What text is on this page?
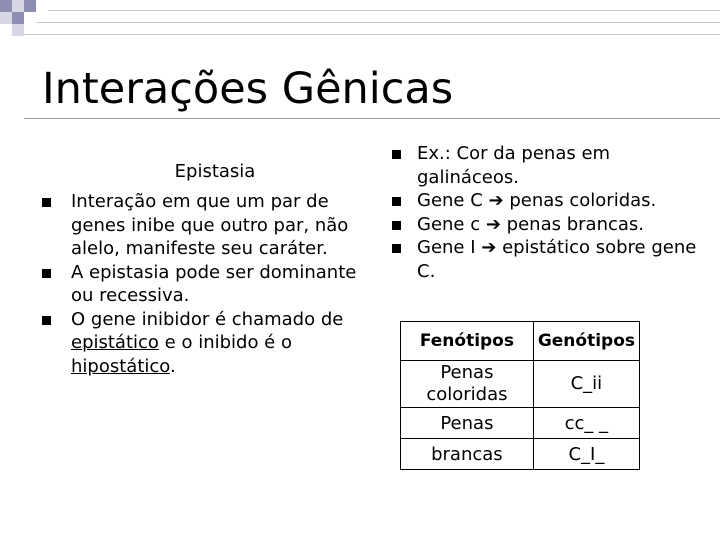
Interações Gênicas
Epistasia
Interação em que um par de genes inibe que outro par, não alelo, manifeste seu caráter.
A epistasia pode ser dominante ou recessiva.
O gene inibidor é chamado de epistático e o inibido é o hipostático.
Ex.: Cor da penas em galináceos.
Gene C ➔ penas coloridas.
Gene c ➔ penas brancas.
Gene I ➔ epistático sobre gene C.
Fenótipos	Genótipos
Penas coloridas	C_ii
Penas	cc_ _
brancas	C_I_
